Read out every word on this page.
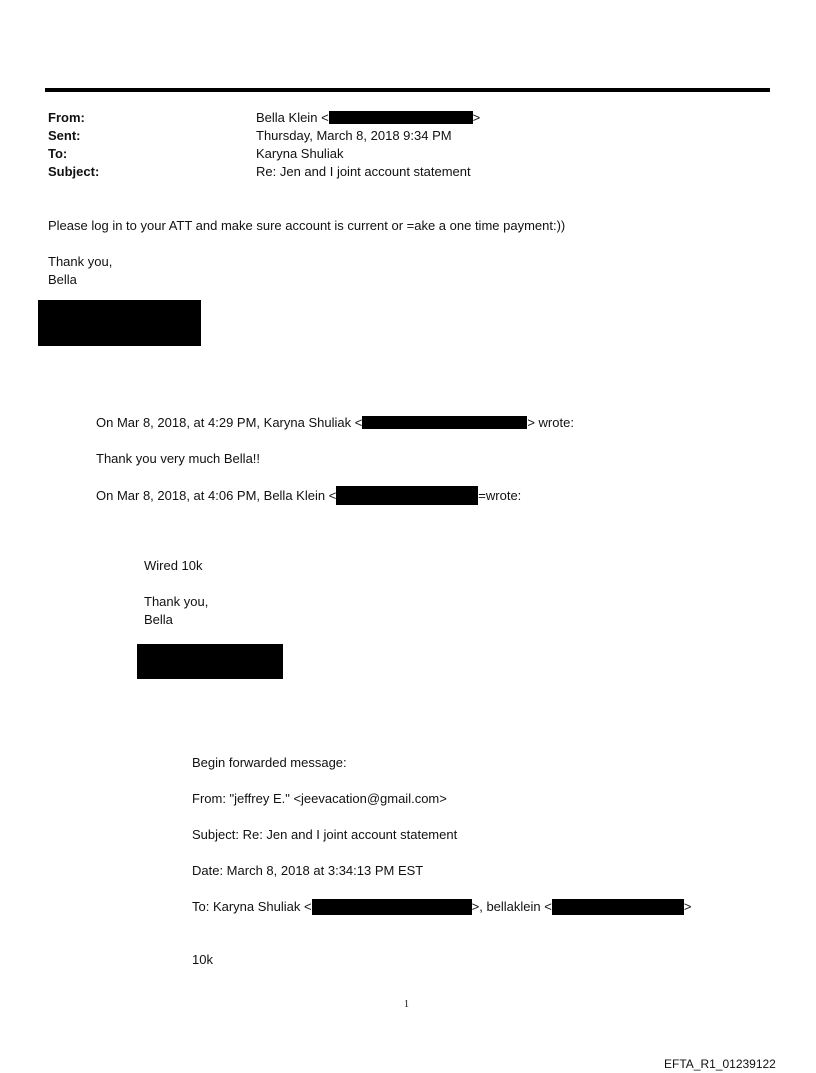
From:	Bella Klein <	>
Sent:	Thursday, March 8, 2018 9:34 PM
To:	Karyna Shuliak
Subject:	Re: Jen and I joint account statement
Please log in to your ATT and make sure account is current or =ake a one time payment:))
Thank you,
Bella
On Mar 8, 2018, at 4:29 PM, Karyna Shuliak <	> wrote:
Thank you very much Bella!!
On Mar 8, 2018, at 4:06 PM, Bella Klein <	=wrote:
Wired 10k
Thank you,
Bella
Begin forwarded message:
From: "jeffrey E." <jeevacation@gmail.com>
Subject: Re: Jen and I joint account statement
Date: March 8, 2018 at 3:34:13 PM EST
To: Karyna Shuliak <	>, bellaklein <	>
10k
1
EFTA_R1_01239122
